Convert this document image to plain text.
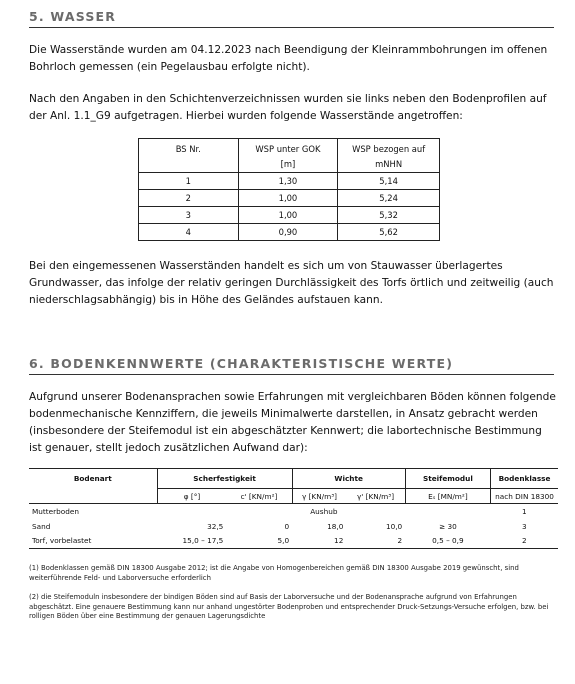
5. WASSER

Die Wasserstände wurden am 04.12.2023 nach Beendigung der Kleinrammbohrungen im offenen Bohrloch gemessen (ein Pegelausbau erfolgte nicht).

Nach den Angaben in den Schichtenverzeichnissen wurden sie links neben den Bodenprofilen auf der Anl. 1.1_G9 aufgetragen. Hierbei wurden folgende Wasserstände angetroffen:

BS Nr.	WSP unter GOK	WSP bezogen auf
	[m]	mNHN
1	1,30	5,14
2	1,00	5,24
3	1,00	5,32
4	0,90	5,62

Bei den eingemessenen Wasserständen handelt es sich um von Stauwasser überlagertes Grundwasser, das infolge der relativ geringen Durchlässigkeit des Torfs örtlich und zeitweilig (auch niederschlagsabhängig) bis in Höhe des Geländes aufstauen kann.

6. BODENKENNWERTE (CHARAKTERISTISCHE WERTE)

Aufgrund unserer Bodenansprachen sowie Erfahrungen mit vergleichbaren Böden können folgende bodenmechanische Kennziffern, die jeweils Minimalwerte darstellen, in Ansatz gebracht werden (insbesondere der Steifemodul ist ein abgeschätzter Kennwert; die labortechnische Bestimmung ist genauer, stellt jedoch zusätzlichen Aufwand dar):

Bodenart	Scherfestigkeit		Wichte		Steifemodul	Bodenklasse
	φ [°]	c' [KN/m²]	γ [KN/m³]	γ' [KN/m³]	Eₛ [MN/m²]	nach DIN 18300
Mutterboden	Aushub					1
Sand	32,5	0	18,0	10,0	≥ 30	3
Torf, vorbelastet	15,0 – 17,5	5,0	12	2	0,5 – 0,9	2

(1) Bodenklassen gemäß DIN 18300 Ausgabe 2012; ist die Angabe von Homogenbereichen gemäß DIN 18300 Ausgabe 2019 gewünscht, sind weiterführende Feld- und Laborversuche erforderlich

(2) die Steifemoduln insbesondere der bindigen Böden sind auf Basis der Laborversuche und der Bodenansprache aufgrund von Erfahrungen abgeschätzt. Eine genauere Bestimmung kann nur anhand ungestörter Bodenproben und entsprechender Druck-Setzungs-Versuche erfolgen, bzw. bei rolligen Böden über eine Bestimmung der genauen Lagerungsdichte
